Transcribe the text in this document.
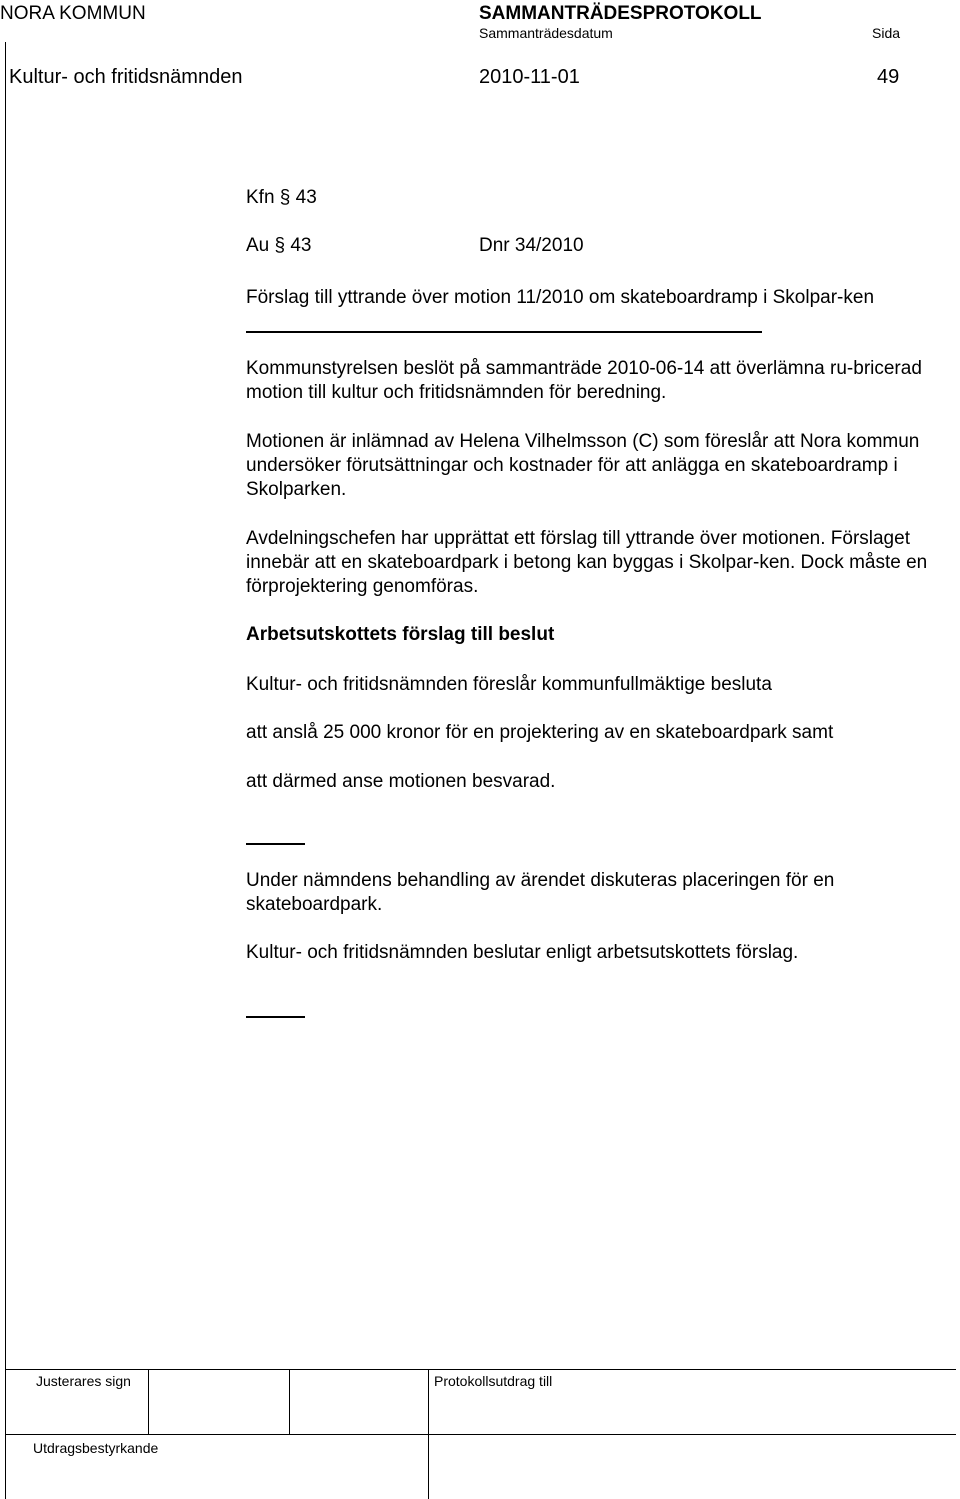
NORA KOMMUN	SAMMANTRÄDESPROTOKOLL
Sammanträdesdatum	Sida
Kultur- och fritidsnämnden	2010-11-01	49
Kfn § 43
Au § 43	Dnr 34/2010
Förslag till yttrande över motion 11/2010 om skateboardramp i Skolpar-ken
Kommunstyrelsen beslöt på sammanträde 2010-06-14 att överlämna ru-bricerad motion till kultur och fritidsnämnden för beredning.
Motionen är inlämnad av Helena Vilhelmsson (C) som föreslår att Nora kommun undersöker förutsättningar och kostnader för att anlägga en skateboardramp i Skolparken.
Avdelningschefen har upprättat ett förslag till yttrande över motionen. Förslaget innebär att en skateboardpark i betong kan byggas i Skolpar-ken. Dock måste en förprojektering genomföras.
Arbetsutskottets förslag till beslut
Kultur- och fritidsnämnden föreslår kommunfullmäktige besluta
att anslå 25 000 kronor för en projektering av en skateboardpark samt
att därmed anse motionen besvarad.
Under nämndens behandling av ärendet diskuteras placeringen för en skateboardpark.
Kultur- och fritidsnämnden beslutar enligt arbetsutskottets förslag.
Justerares sign	Protokollsutdrag till
Utdragsbestyrkande
